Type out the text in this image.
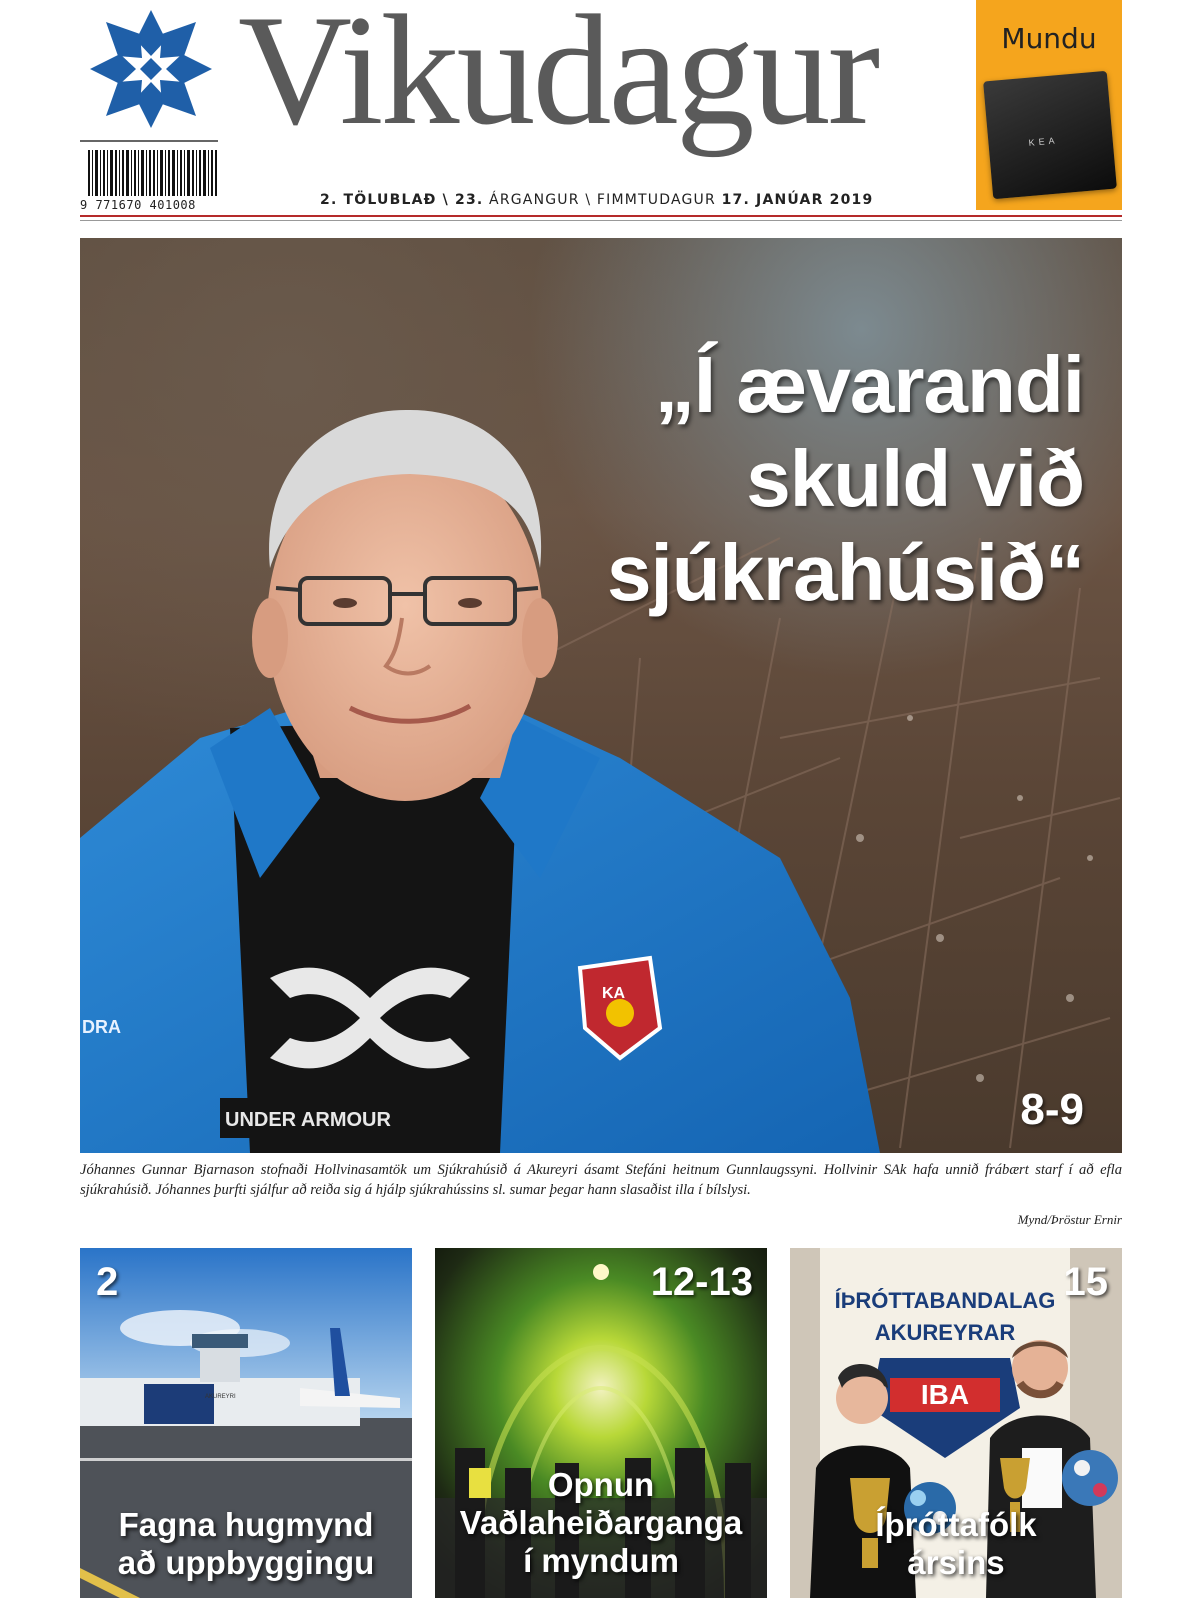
9 771670 401008
Vikudagur
2. TÖLUBLAÐ \ 23. ÁRGANGUR \ FIMMTUDAGUR 17. JANÚAR 2019
Mundu
KEA
UNDER ARMOUR
KA
DRA
„Í ævarandi
skuld við
sjúkrahúsið“
8-9
Jóhannes Gunnar Bjarnason stofnaði Hollvinasamtök um Sjúkrahúsið á Akureyri ásamt Stefáni heitnum Gunnlaugssyni. Hollvinir SAk hafa unnið frábært starf í að efla sjúkrahúsið. Jóhannes þurfti sjálfur að reiða sig á hjálp sjúkrahússins sl. sumar þegar hann slasaðist illa í bílslysi.
Mynd/Þröstur Ernir
AKUREYRI
2
Fagna hugmynd
að uppbyggingu
12-13
Opnun
Vaðlaheiðarganga
í myndum
ÍÞRÓTTABANDALAG
AKUREYRAR
IBA
15
Íþróttafólk
ársins
